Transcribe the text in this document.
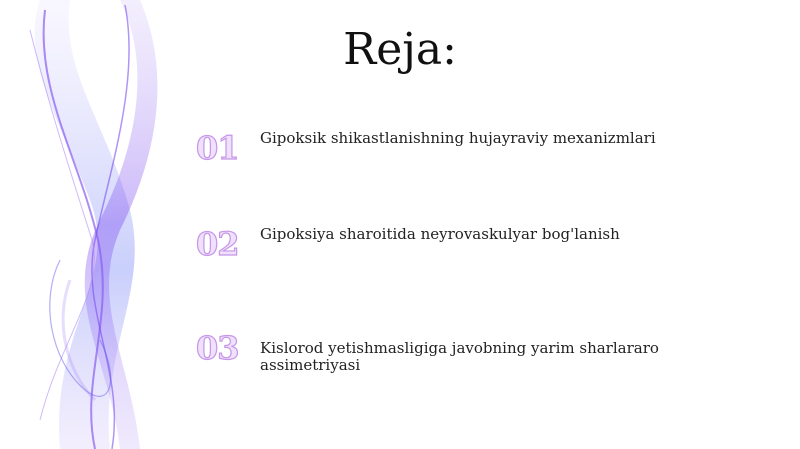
Reja:
01	Gipoksik shikastlanishning hujayraviy mexanizmlari
02	Gipoksiya sharoitida neyrovaskulyar bog'lanish
03	Kislorod yetishmasligiga javobning yarim sharlararo assimetriyasi
